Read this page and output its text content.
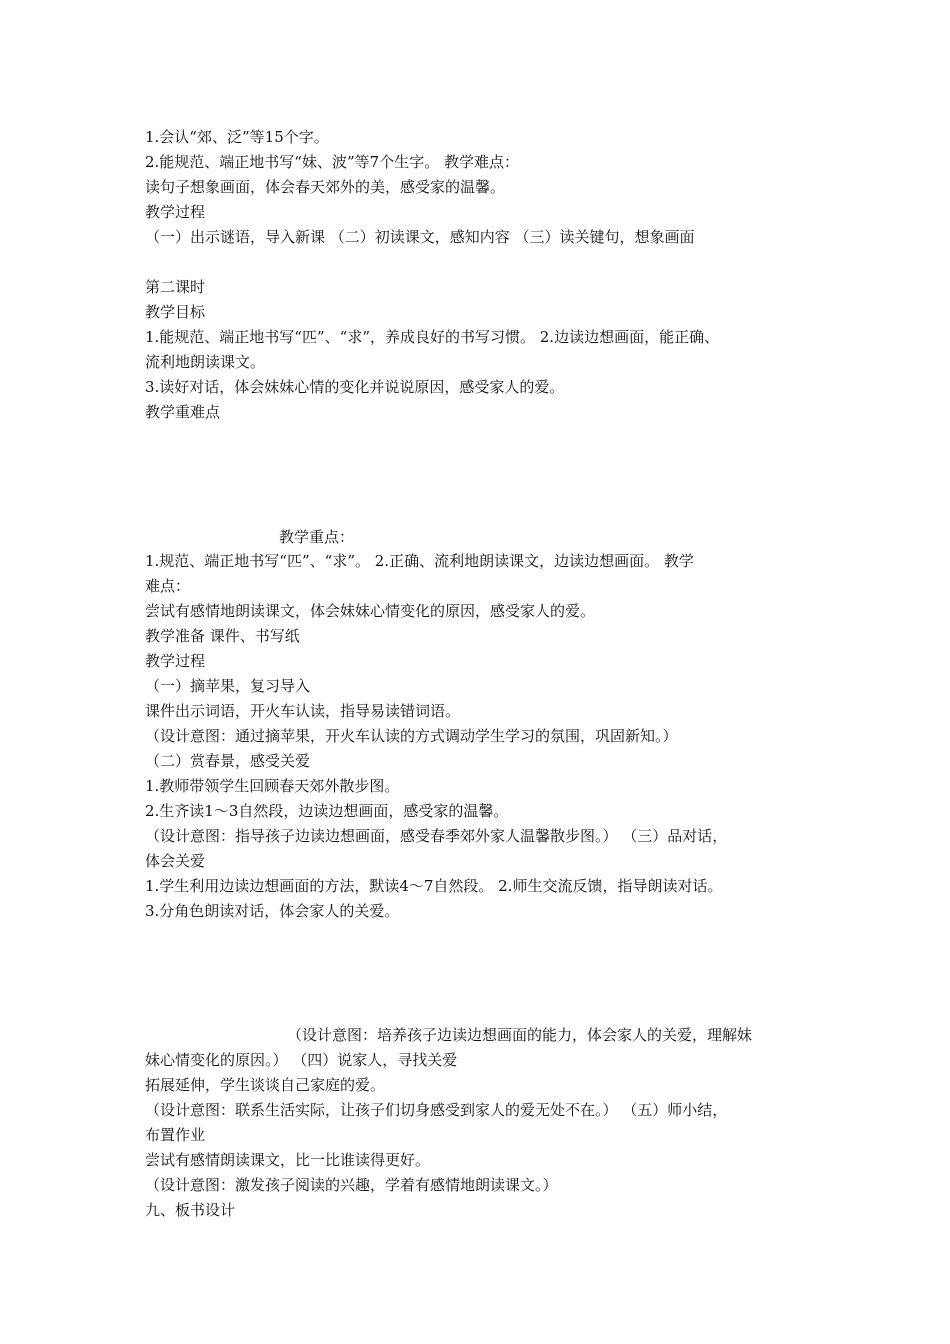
1.会认“郊、泛”等15个字。
2.能规范、端正地书写“妹、波”等7个生字。 教学难点：
读句子想象画面，体会春天郊外的美，感受家的温馨。
教学过程
（一）出示谜语，导入新课 （二）初读课文，感知内容 （三）读关键句，想象画面
第二课时
教学目标
1.能规范、端正地书写“匹”、“求”，养成良好的书写习惯。 2.边读边想画面，能正确、
流利地朗读课文。
3.读好对话，体会妹妹心情的变化并说说原因，感受家人的爱。
教学重难点
教学重点：
1.规范、端正地书写“匹”、“求”。 2.正确、流利地朗读课文，边读边想画面。 教学
难点：
尝试有感情地朗读课文，体会妹妹心情变化的原因，感受家人的爱。
教学准备 课件、书写纸
教学过程
（一）摘苹果，复习导入
课件出示词语，开火车认读，指导易读错词语。
（设计意图：通过摘苹果，开火车认读的方式调动学生学习的氛围，巩固新知。）
（二）赏春景，感受关爱
1.教师带领学生回顾春天郊外散步图。
2.生齐读1～3自然段，边读边想画面，感受家的温馨。
（设计意图：指导孩子边读边想画面，感受春季郊外家人温馨散步图。） （三）品对话，
体会关爱
1.学生利用边读边想画面的方法，默读4～7自然段。 2.师生交流反馈，指导朗读对话。
3.分角色朗读对话，体会家人的关爱。
（设计意图：培养孩子边读边想画面的能力，体会家人的关爱，理解妹
妹心情变化的原因。） （四）说家人，寻找关爱
拓展延伸，学生谈谈自己家庭的爱。
（设计意图：联系生活实际，让孩子们切身感受到家人的爱无处不在。） （五）师小结，
布置作业
尝试有感情朗读课文，比一比谁读得更好。
（设计意图：激发孩子阅读的兴趣，学着有感情地朗读课文。）
九、板书设计
